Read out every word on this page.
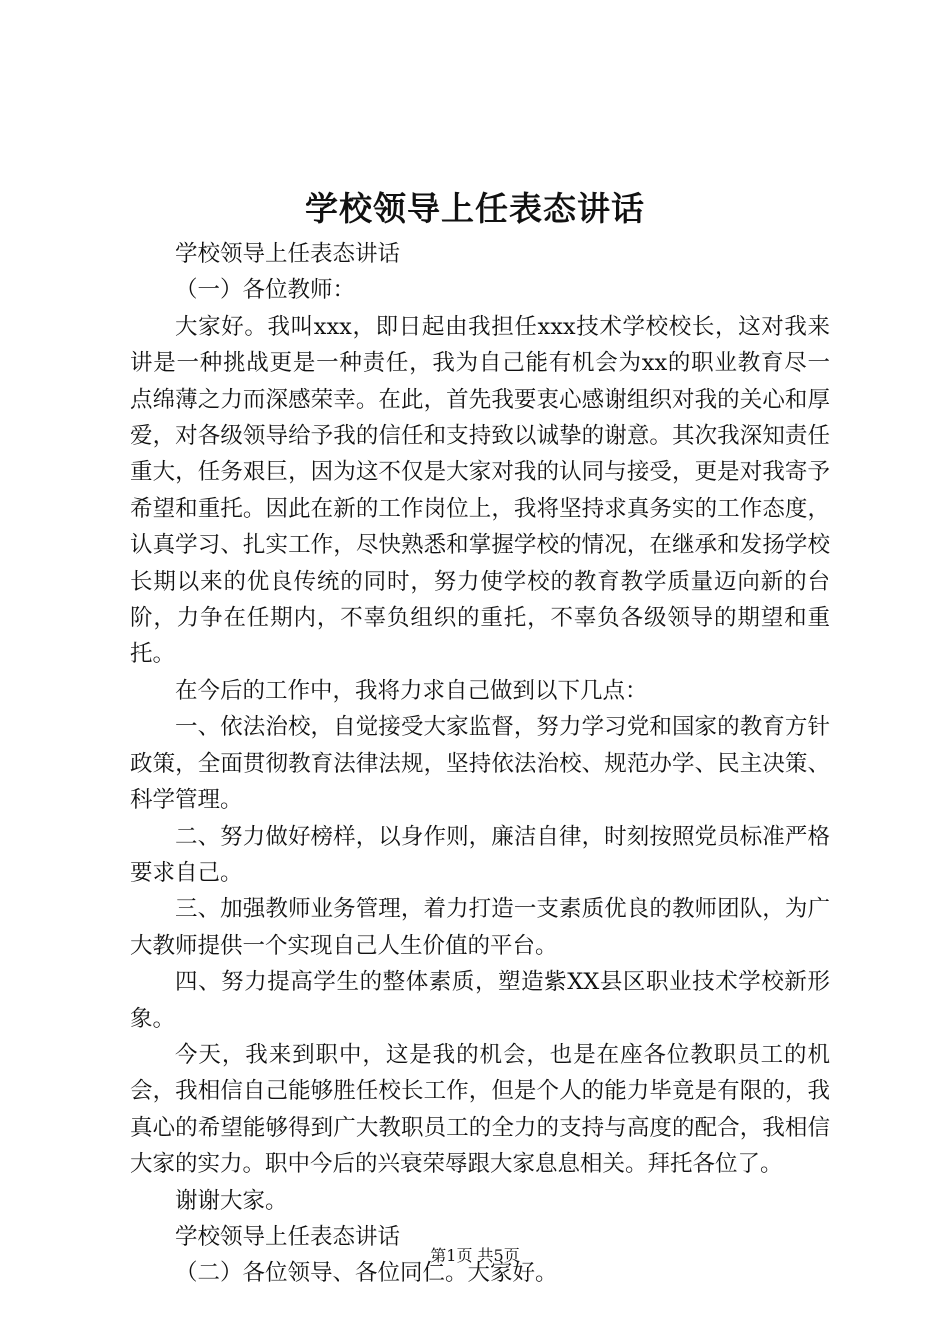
学校领导上任表态讲话

学校领导上任表态讲话

（一）各位教师：

大家好。我叫xxx，即日起由我担任xxx技术学校校长，这对我来讲是一种挑战更是一种责任，我为自己能有机会为xx的职业教育尽一点绵薄之力而深感荣幸。在此，首先我要衷心感谢组织对我的关心和厚爱，对各级领导给予我的信任和支持致以诚挚的谢意。其次我深知责任重大，任务艰巨，因为这不仅是大家对我的认同与接受，更是对我寄予希望和重托。因此在新的工作岗位上，我将坚持求真务实的工作态度，认真学习、扎实工作，尽快熟悉和掌握学校的情况，在继承和发扬学校长期以来的优良传统的同时，努力使学校的教育教学质量迈向新的台阶，力争在任期内，不辜负组织的重托，不辜负各级领导的期望和重托。

在今后的工作中，我将力求自己做到以下几点：

一、依法治校，自觉接受大家监督，努力学习党和国家的教育方针政策，全面贯彻教育法律法规，坚持依法治校、规范办学、民主决策、科学管理。

二、努力做好榜样，以身作则，廉洁自律，时刻按照党员标准严格要求自己。

三、加强教师业务管理，着力打造一支素质优良的教师团队，为广大教师提供一个实现自己人生价值的平台。

四、努力提高学生的整体素质，塑造紫XX县区职业技术学校新形象。

今天，我来到职中，这是我的机会，也是在座各位教职员工的机会，我相信自己能够胜任校长工作，但是个人的能力毕竟是有限的，我真心的希望能够得到广大教职员工的全力的支持与高度的配合，我相信大家的实力。职中今后的兴衰荣辱跟大家息息相关。拜托各位了。

谢谢大家。

学校领导上任表态讲话

（二）各位领导、各位同仁。大家好。

第1页 共5页
